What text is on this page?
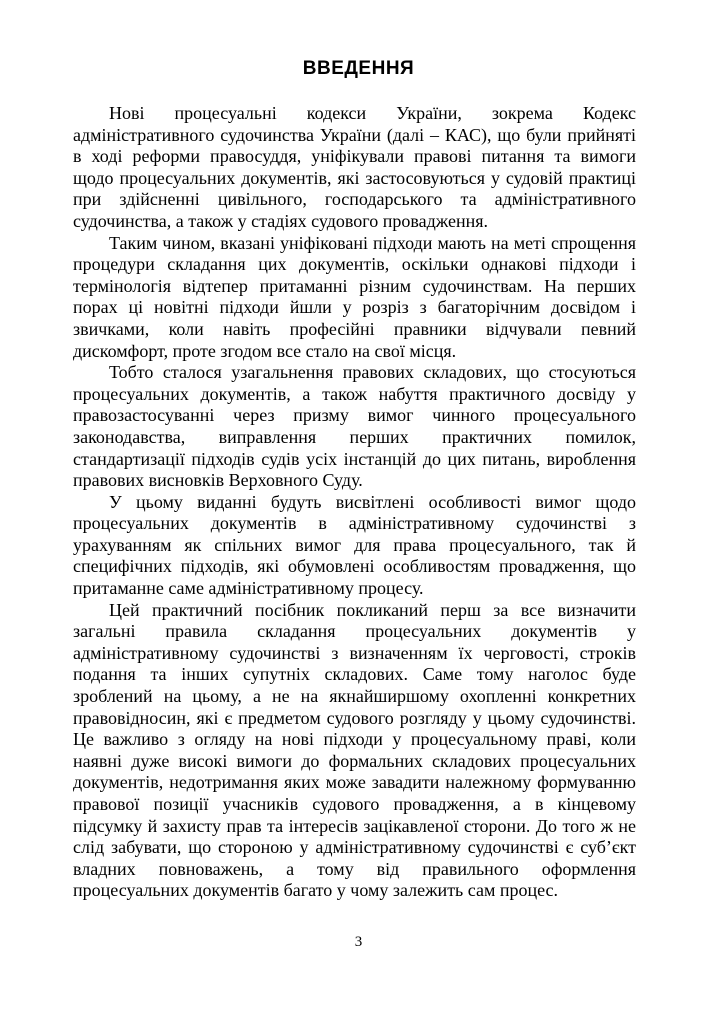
ВВЕДЕННЯ

Нові процесуальні кодекси України, зокрема Кодекс адміністративного судочинства України (далі – КАС), що були прийняті в ході реформи правосуддя, уніфікували правові питання та вимоги щодо процесуальних документів, які застосовуються у судовій практиці при здійсненні цивільного, господарського та адміністративного судочинства, а також у стадіях судового провадження.

Таким чином, вказані уніфіковані підходи мають на меті спрощення процедури складання цих документів, оскільки однакові підходи і термінологія відтепер притаманні різним судочинствам. На перших порах ці новітні підходи йшли у розріз з багаторічним досвідом і звичками, коли навіть професійні правники відчували певний дискомфорт, проте згодом все стало на свої місця.

Тобто сталося узагальнення правових складових, що стосуються процесуальних документів, а також набуття практичного досвіду у правозастосуванні через призму вимог чинного процесуального законодавства, виправлення перших практичних помилок, стандартизації підходів судів усіх інстанцій до цих питань, вироблення правових висновків Верховного Суду.

У цьому виданні будуть висвітлені особливості вимог щодо процесуальних документів в адміністративному судочинстві з урахуванням як спільних вимог для права процесуального, так й специфічних підходів, які обумовлені особливостям провадження, що притаманне саме адміністративному процесу.

Цей практичний посібник покликаний перш за все визначити загальні правила складання процесуальних документів у адміністративному судочинстві з визначенням їх черговості, строків подання та інших супутніх складових. Саме тому наголос буде зроблений на цьому, а не на якнайширшому охопленні конкретних правовідносин, які є предметом судового розгляду у цьому судочинстві. Це важливо з огляду на нові підходи у процесуальному праві, коли наявні дуже високі вимоги до формальних складових процесуальних документів, недотримання яких може завадити належному формуванню правової позиції учасників судового провадження, а в кінцевому підсумку й захисту прав та інтересів зацікавленої сторони. До того ж не слід забувати, що стороною у адміністративному судочинстві є суб’єкт владних повноважень, а тому від правильного оформлення процесуальних документів багато у чому залежить сам процес.

3
